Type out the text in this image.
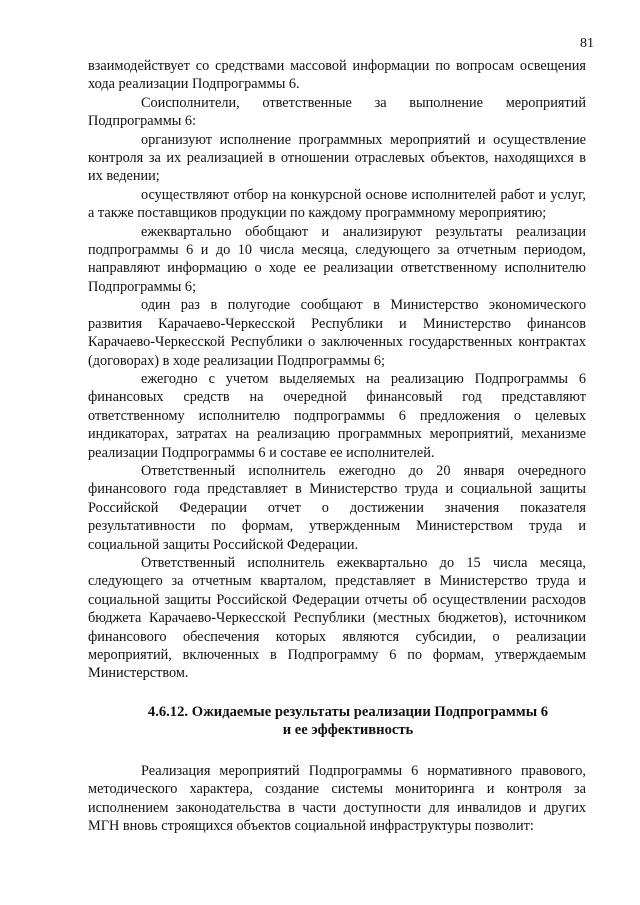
81

взаимодействует со средствами массовой информации по вопросам освещения хода реализации Подпрограммы 6.

Соисполнители, ответственные за выполнение мероприятий Подпрограммы 6:

организуют исполнение программных мероприятий и осуществление контроля за их реализацией в отношении отраслевых объектов, находящихся в их ведении;

осуществляют отбор на конкурсной основе исполнителей работ и услуг, а также поставщиков продукции по каждому программному мероприятию;

ежеквартально обобщают и анализируют результаты реализации подпрограммы 6 и до 10 числа месяца, следующего за отчетным периодом, направляют информацию о ходе ее реализации ответственному исполнителю Подпрограммы 6;

один раз в полугодие сообщают в Министерство экономического развития Карачаево-Черкесской Республики и Министерство финансов Карачаево-Черкесской Республики о заключенных государственных контрактах (договорах) в ходе реализации Подпрограммы 6;

ежегодно с учетом выделяемых на реализацию Подпрограммы 6 финансовых средств на очередной финансовый год представляют ответственному исполнителю подпрограммы 6 предложения о целевых индикаторах, затратах на реализацию программных мероприятий, механизме реализации Подпрограммы 6 и составе ее исполнителей.

Ответственный исполнитель ежегодно до 20 января очередного финансового года представляет в Министерство труда и социальной защиты Российской Федерации отчет о достижении значения показателя результативности по формам, утвержденным Министерством труда и социальной защиты Российской Федерации.

Ответственный исполнитель ежеквартально до 15 числа месяца, следующего за отчетным кварталом, представляет в Министерство труда и социальной защиты Российской Федерации отчеты об осуществлении расходов бюджета Карачаево-Черкесской Республики (местных бюджетов), источником финансового обеспечения которых являются субсидии, о реализации мероприятий, включенных в Подпрограмму 6 по формам, утверждаемым Министерством.

4.6.12. Ожидаемые результаты реализации Подпрограммы 6
и ее эффективность

Реализация мероприятий Подпрограммы 6 нормативного правового, методического характера, создание системы мониторинга и контроля за исполнением законодательства в части доступности для инвалидов и других МГН вновь строящихся объектов социальной инфраструктуры позволит:
